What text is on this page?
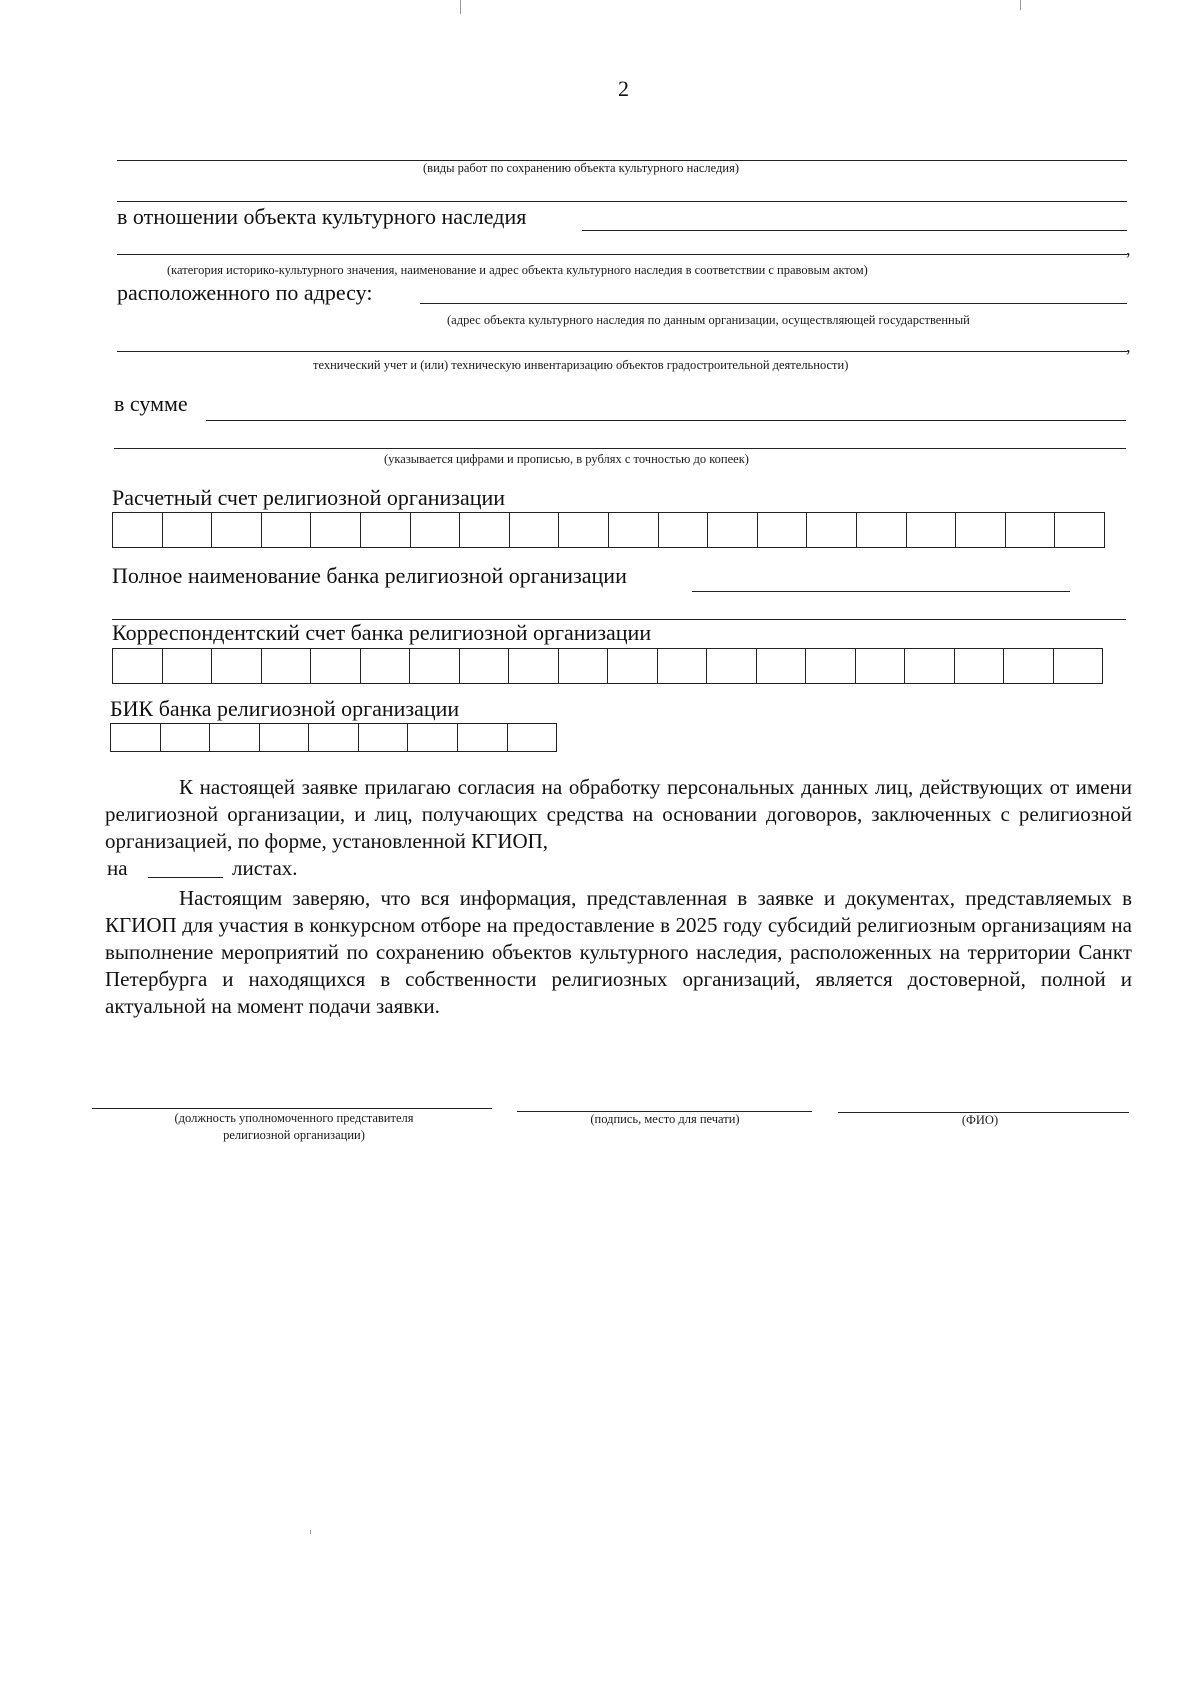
2
(виды работ по сохранению объекта культурного наследия)
в отношении объекта культурного наследия
,
(категория историко-культурного значения, наименование и адрес объекта культурного наследия в соответствии с правовым актом)
расположенного по адресу:
(адрес объекта культурного наследия по данным организации, осуществляющей государственный
,
технический учет и (или) техническую инвентаризацию объектов градостроительной деятельности)
в сумме
(указывается цифрами и прописью, в рублях с точностью до копеек)
Расчетный счет религиозной организации
Полное наименование банка религиозной организации
Корреспондентский счет банка религиозной организации
БИК банка религиозной организации

К настоящей заявке прилагаю согласия на обработку персональных данных лиц, действующих от имени религиозной организации, и лиц, получающих средства на основании договоров, заключенных с религиозной организацией, по форме, установленной КГИОП,

на	листах.

Настоящим заверяю, что вся информация, представленная в заявке и документах, представляемых в КГИОП для участия в конкурсном отборе на предоставление в 2025 году субсидий религиозным организациям на выполнение мероприятий по сохранению объектов культурного наследия, расположенных на территории Санкт Петербурга и находящихся в собственности религиозных организаций, является достоверной, полной и актуальной на момент подачи заявки.

(должность уполномоченного представителя
религиозной организации)
(подпись, место для печати)	(ФИО)
